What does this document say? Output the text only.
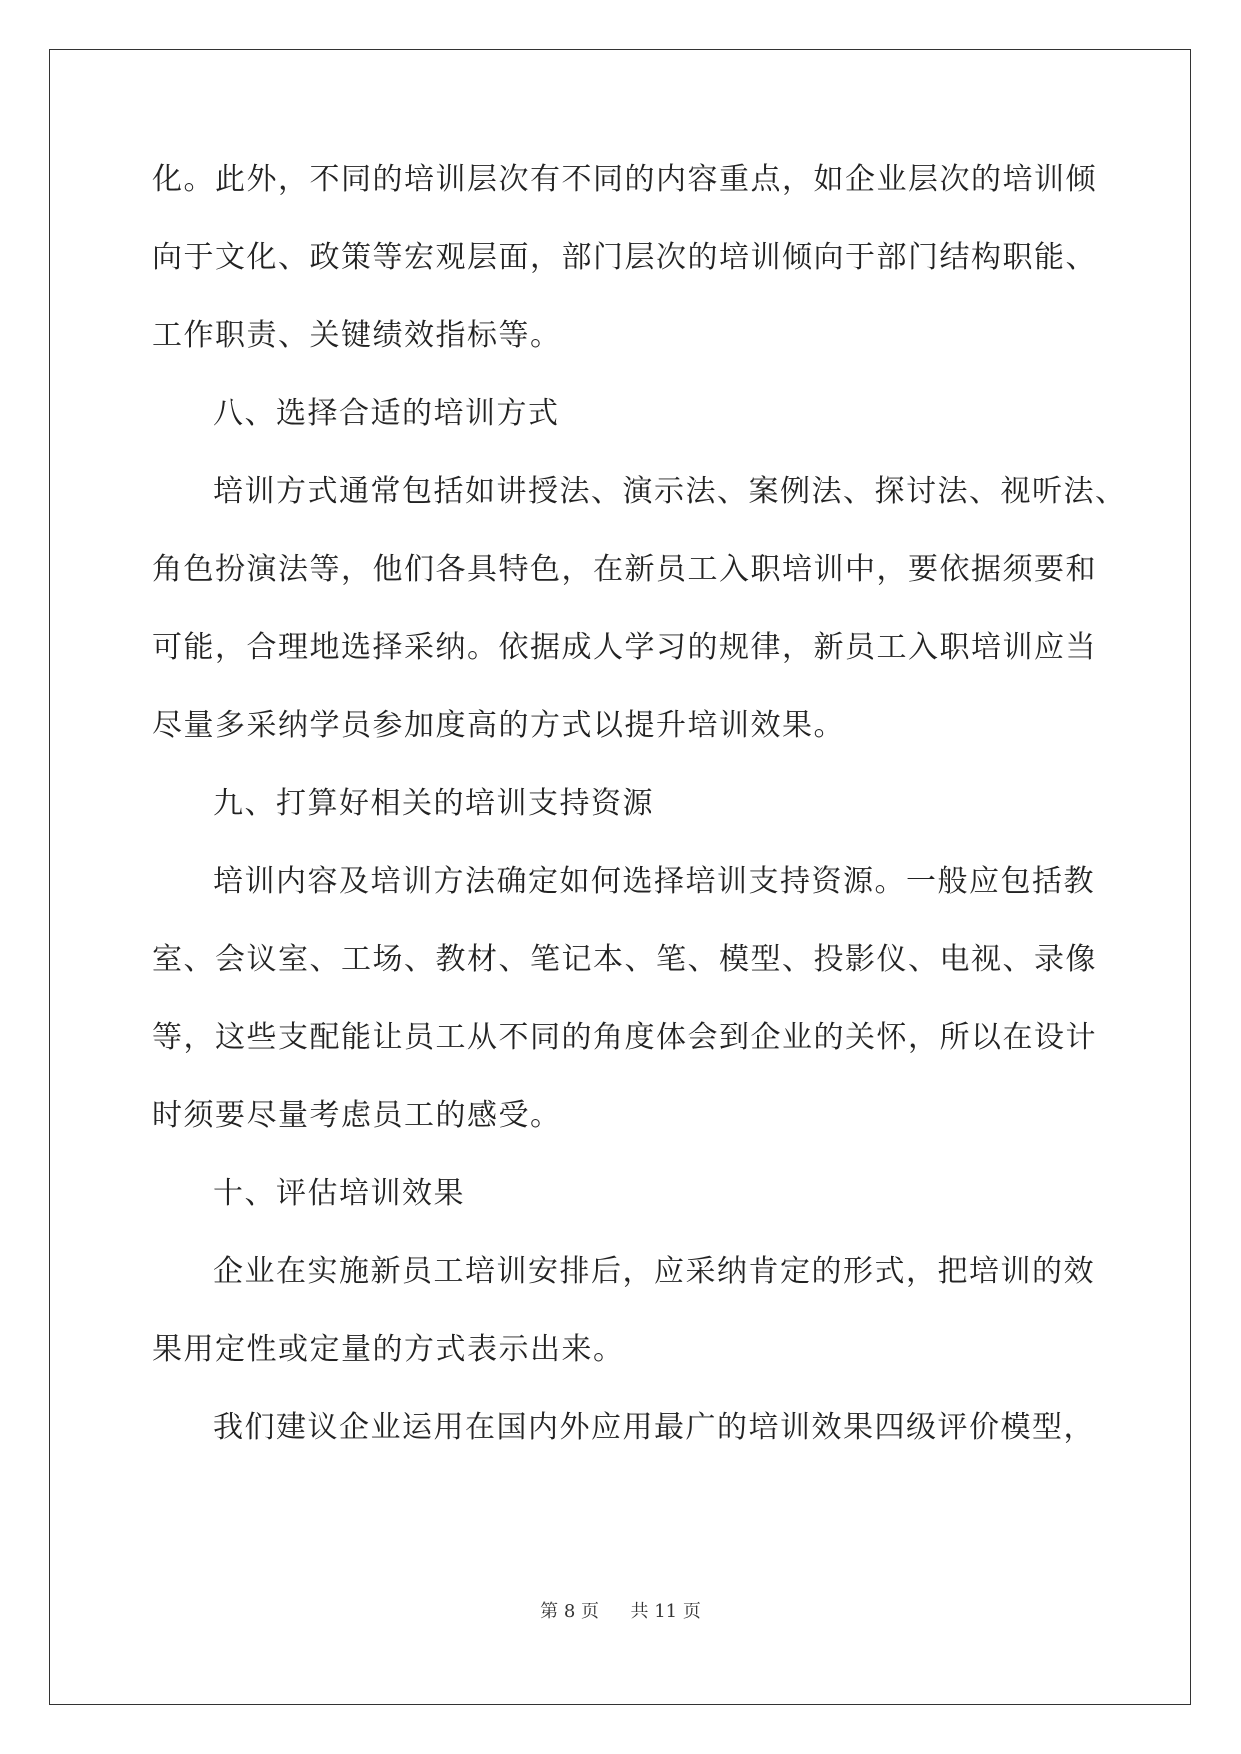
化。此外，不同的培训层次有不同的内容重点，如企业层次的培训倾
向于文化、政策等宏观层面，部门层次的培训倾向于部门结构职能、
工作职责、关键绩效指标等。
八、选择合适的培训方式
培训方式通常包括如讲授法、演示法、案例法、探讨法、视听法、
角色扮演法等，他们各具特色，在新员工入职培训中，要依据须要和
可能，合理地选择采纳。依据成人学习的规律，新员工入职培训应当
尽量多采纳学员参加度高的方式以提升培训效果。
九、打算好相关的培训支持资源
培训内容及培训方法确定如何选择培训支持资源。一般应包括教
室、会议室、工场、教材、笔记本、笔、模型、投影仪、电视、录像
等，这些支配能让员工从不同的角度体会到企业的关怀，所以在设计
时须要尽量考虑员工的感受。
十、评估培训效果
企业在实施新员工培训安排后，应采纳肯定的形式，把培训的效
果用定性或定量的方式表示出来。
我们建议企业运用在国内外应用最广的培训效果四级评价模型，
第 8 页 共 11 页
